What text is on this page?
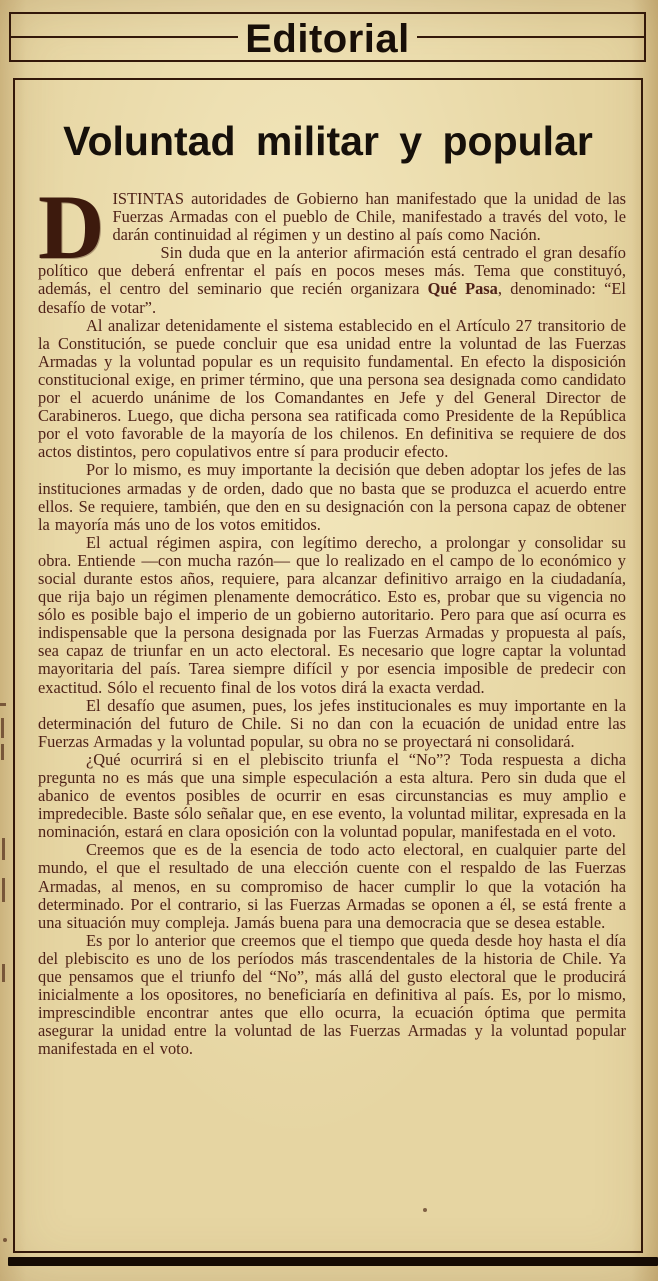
Editorial
Voluntad militar y popular

DISTINTAS autoridades de Gobierno han manifestado que la unidad de las Fuerzas Armadas con el pueblo de Chile, manifestado a través del voto, le darán continuidad al régimen y un destino al país como Nación.

Sin duda que en la anterior afirmación está centrado el gran desafío político que deberá enfrentar el país en pocos meses más. Tema que constituyó, además, el centro del seminario que recién organizara Qué Pasa, denominado: “El desafío de votar”.

Al analizar detenidamente el sistema establecido en el Artículo 27 transitorio de la Constitución, se puede concluir que esa unidad entre la voluntad de las Fuerzas Armadas y la voluntad popular es un requisito fundamental. En efecto la disposición constitucional exige, en primer término, que una persona sea designada como candidato por el acuerdo unánime de los Comandantes en Jefe y del General Director de Carabineros. Luego, que dicha persona sea ratificada como Presidente de la República por el voto favorable de la mayoría de los chilenos. En definitiva se requiere de dos actos distintos, pero copulativos entre sí para producir efecto.

Por lo mismo, es muy importante la decisión que deben adoptar los jefes de las instituciones armadas y de orden, dado que no basta que se produzca el acuerdo entre ellos. Se requiere, también, que den en su designación con la persona capaz de obtener la mayoría más uno de los votos emitidos.

El actual régimen aspira, con legítimo derecho, a prolongar y consolidar su obra. Entiende —con mucha razón— que lo realizado en el campo de lo económico y social durante estos años, requiere, para alcanzar definitivo arraigo en la ciudadanía, que rija bajo un régimen plenamente democrático. Esto es, probar que su vigencia no sólo es posible bajo el imperio de un gobierno autoritario. Pero para que así ocurra es indispensable que la persona designada por las Fuerzas Armadas y propuesta al país, sea capaz de triunfar en un acto electoral. Es necesario que logre captar la voluntad mayoritaria del país. Tarea siempre difícil y por esencia imposible de predecir con exactitud. Sólo el recuento final de los votos dirá la exacta verdad.

El desafío que asumen, pues, los jefes institucionales es muy importante en la determinación del futuro de Chile. Si no dan con la ecuación de unidad entre las Fuerzas Armadas y la voluntad popular, su obra no se proyectará ni consolidará.

¿Qué ocurrirá si en el plebiscito triunfa el “No”? Toda respuesta a dicha pregunta no es más que una simple especulación a esta altura. Pero sin duda que el abanico de eventos posibles de ocurrir en esas circunstancias es muy amplio e impredecible. Baste sólo señalar que, en ese evento, la voluntad militar, expresada en la nominación, estará en clara oposición con la voluntad popular, manifestada en el voto.

Creemos que es de la esencia de todo acto electoral, en cualquier parte del mundo, el que el resultado de una elección cuente con el respaldo de las Fuerzas Armadas, al menos, en su compromiso de hacer cumplir lo que la votación ha determinado. Por el contrario, si las Fuerzas Armadas se oponen a él, se está frente a una situación muy compleja. Jamás buena para una democracia que se desea estable.

Es por lo anterior que creemos que el tiempo que queda desde hoy hasta el día del plebiscito es uno de los períodos más trascendentales de la historia de Chile. Ya que pensamos que el triunfo del “No”, más allá del gusto electoral que le producirá inicialmente a los opositores, no beneficiaría en definitiva al país. Es, por lo mismo, imprescindible encontrar antes que ello ocurra, la ecuación óptima que permita asegurar la unidad entre la voluntad de las Fuerzas Armadas y la voluntad popular manifestada en el voto.
